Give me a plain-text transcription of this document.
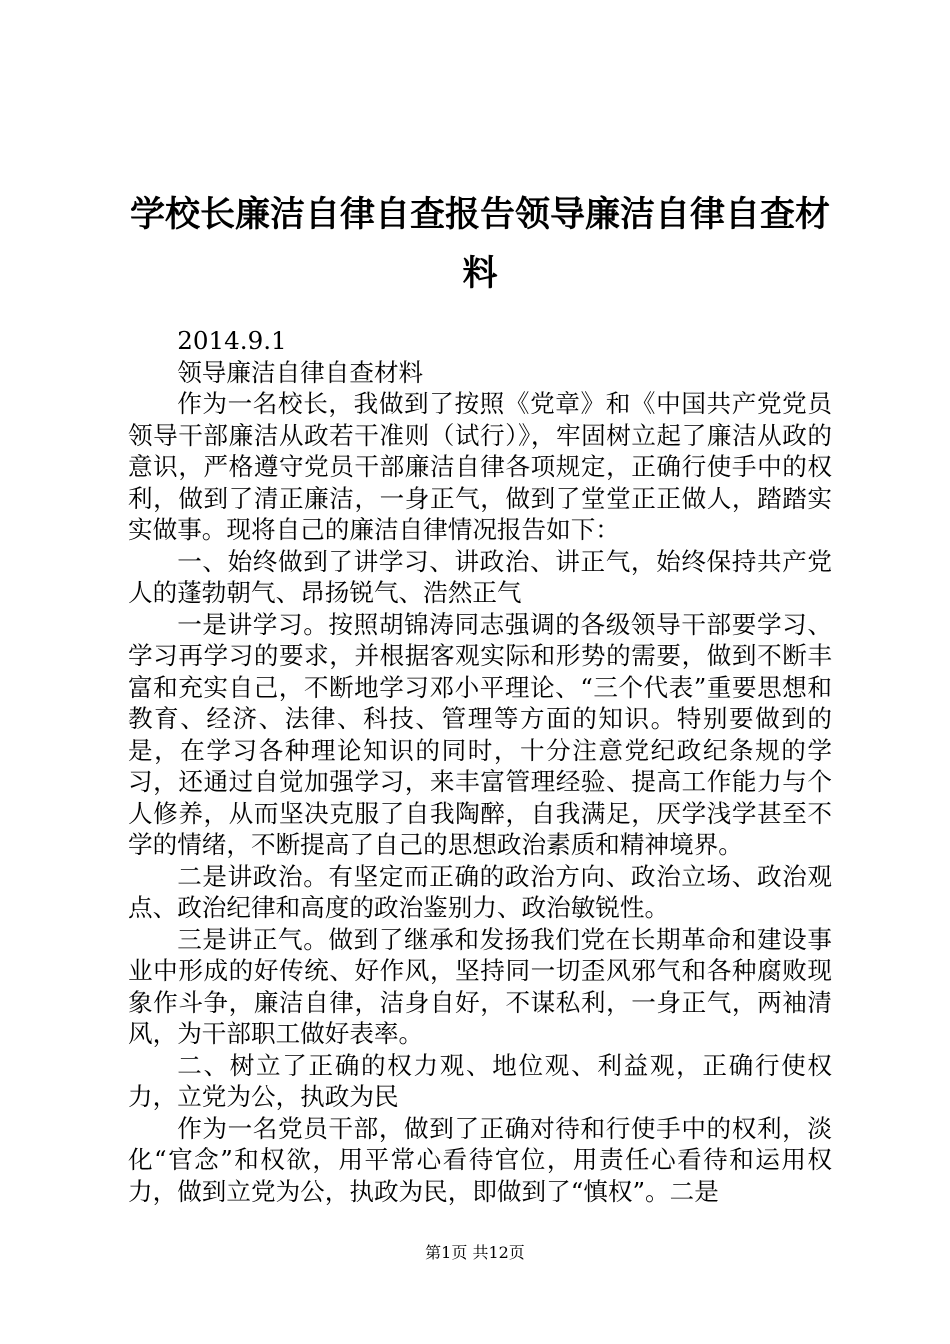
学校长廉洁自律自查报告领导廉洁自律自查材料

2014.9.1

领导廉洁自律自查材料

作为一名校长，我做到了按照《党章》和《中国共产党党员领导干部廉洁从政若干准则（试行）》，牢固树立起了廉洁从政的意识，严格遵守党员干部廉洁自律各项规定，正确行使手中的权利，做到了清正廉洁，一身正气，做到了堂堂正正做人，踏踏实实做事。现将自己的廉洁自律情况报告如下：

一、始终做到了讲学习、讲政治、讲正气，始终保持共产党人的蓬勃朝气、昂扬锐气、浩然正气

一是讲学习。按照胡锦涛同志强调的各级领导干部要学习、学习再学习的要求，并根据客观实际和形势的需要，做到不断丰富和充实自己，不断地学习邓小平理论、“三个代表”重要思想和教育、经济、法律、科技、管理等方面的知识。特别要做到的是，在学习各种理论知识的同时，十分注意党纪政纪条规的学习，还通过自觉加强学习，来丰富管理经验、提高工作能力与个人修养，从而坚决克服了自我陶醉，自我满足，厌学浅学甚至不学的情绪，不断提高了自己的思想政治素质和精神境界。

二是讲政治。有坚定而正确的政治方向、政治立场、政治观点、政治纪律和高度的政治鉴别力、政治敏锐性。

三是讲正气。做到了继承和发扬我们党在长期革命和建设事业中形成的好传统、好作风，坚持同一切歪风邪气和各种腐败现象作斗争，廉洁自律，洁身自好，不谋私利，一身正气，两袖清风，为干部职工做好表率。

二、树立了正确的权力观、地位观、利益观，正确行使权力，立党为公，执政为民

作为一名党员干部，做到了正确对待和行使手中的权利，淡化“官念”和权欲，用平常心看待官位，用责任心看待和运用权力，做到立党为公，执政为民，即做到了“慎权”。二是

第1页 共12页
